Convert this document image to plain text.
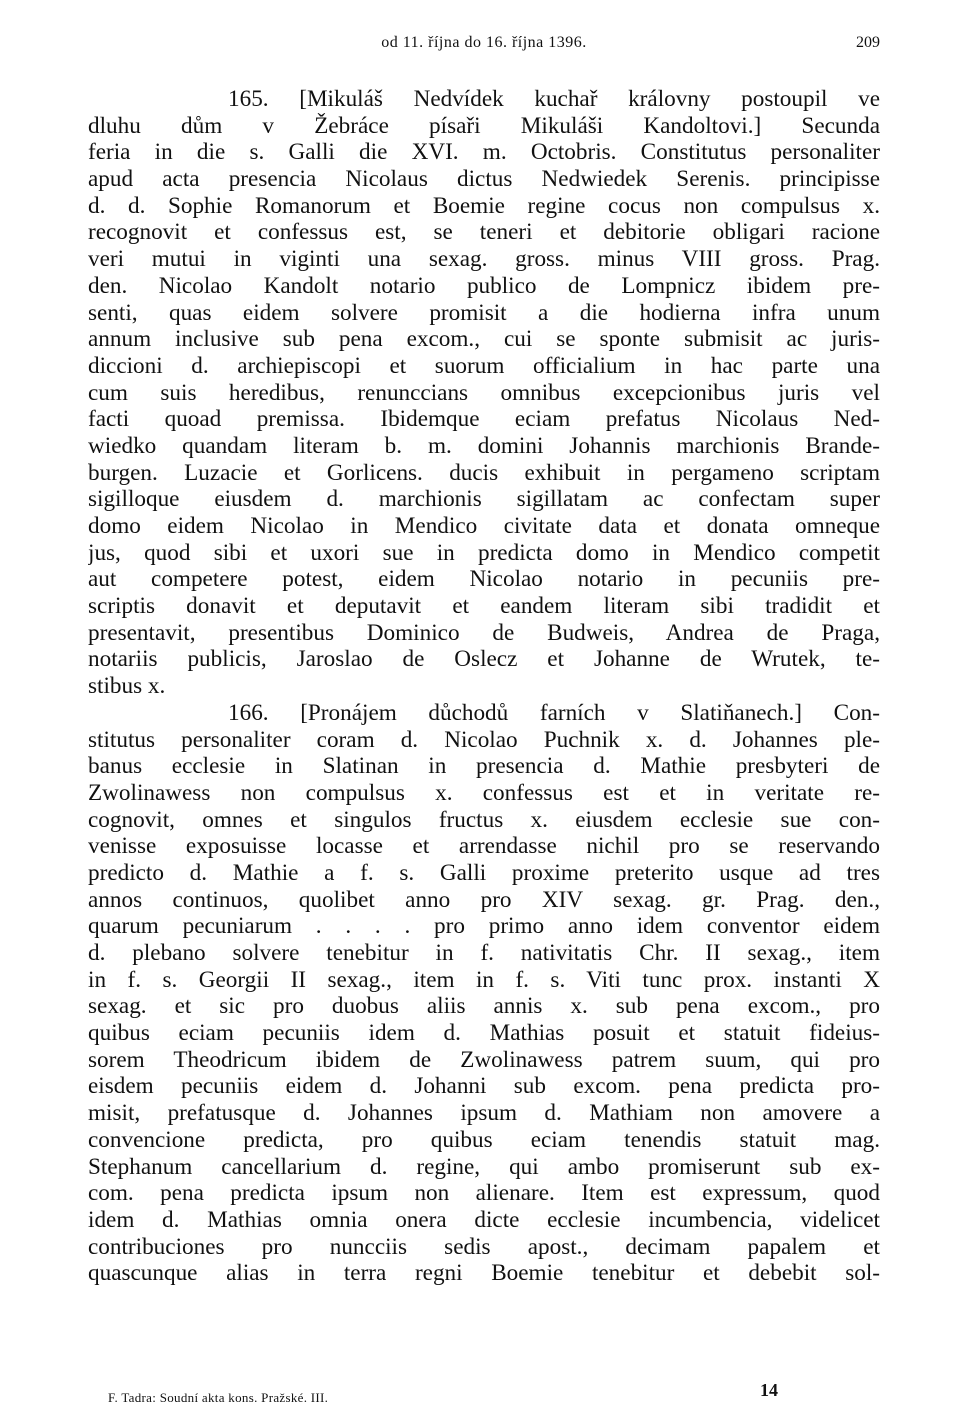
od 11. října do 16. října 1396.	209
165. [Mikuláš Nedvídek kuchař královny postoupil ve
dluhu dům v Žebráce písaři Mikuláši Kandoltovi.] Secunda
feria in die s. Galli die XVI. m. Octobris. Constitutus personaliter
apud acta presencia Nicolaus dictus Nedwiedek Serenis. principisse
d. d. Sophie Romanorum et Boemie regine cocus non compulsus x.
recognovit et confessus est, se teneri et debitorie obligari racione
veri mutui in viginti una sexag. gross. minus VIII gross. Prag.
den. Nicolao Kandolt notario publico de Lompnicz ibidem pre-
senti, quas eidem solvere promisit a die hodierna infra unum
annum inclusive sub pena excom., cui se sponte submisit ac juris-
diccioni d. archiepiscopi et suorum officialium in hac parte una
cum suis heredibus, renunccians omnibus excepcionibus juris vel
facti quoad premissa. Ibidemque eciam prefatus Nicolaus Ned-
wiedko quandam literam b. m. domini Johannis marchionis Brande-
burgen. Luzacie et Gorlicens. ducis exhibuit in pergameno scriptam
sigilloque eiusdem d. marchionis sigillatam ac confectam super
domo eidem Nicolao in Mendico civitate data et donata omneque
jus, quod sibi et uxori sue in predicta domo in Mendico competit
aut competere potest, eidem Nicolao notario in pecuniis pre-
scriptis donavit et deputavit et eandem literam sibi tradidit et
presentavit, presentibus Dominico de Budweis, Andrea de Praga,
notariis publicis, Jaroslao de Oslecz et Johanne de Wrutek, te-
stibus x.
166. [Pronájem důchodů farních v Slatiňanech.] Con-
stitutus personaliter coram d. Nicolao Puchnik x. d. Johannes ple-
banus ecclesie in Slatinan in presencia d. Mathie presbyteri de
Zwolinawess non compulsus x. confessus est et in veritate re-
cognovit, omnes et singulos fructus x. eiusdem ecclesie sue con-
venisse exposuisse locasse et arrendasse nichil pro se reservando
predicto d. Mathie a f. s. Galli proxime preterito usque ad tres
annos continuos, quolibet anno pro XIV sexag. gr. Prag. den.,
quarum pecuniarum . . . . pro primo anno idem conventor eidem
d. plebano solvere tenebitur in f. nativitatis Chr. II sexag., item
in f. s. Georgii II sexag., item in f. s. Viti tunc prox. instanti X
sexag. et sic pro duobus aliis annis x. sub pena excom., pro
quibus eciam pecuniis idem d. Mathias posuit et statuit fideius-
sorem Theodricum ibidem de Zwolinawess patrem suum, qui pro
eisdem pecuniis eidem d. Johanni sub excom. pena predicta pro-
misit, prefatusque d. Johannes ipsum d. Mathiam non amovere a
convencione predicta, pro quibus eciam tenendis statuit mag.
Stephanum cancellarium d. regine, qui ambo promiserunt sub ex-
com. pena predicta ipsum non alienare. Item est expressum, quod
idem d. Mathias omnia onera dicte ecclesie incumbencia, videlicet
contribuciones pro nuncciis sedis apost., decimam papalem et
quascunque alias in terra regni Boemie tenebitur et debebit sol-
F. Tadra: Soudní akta kons. Pražské. III.	14
